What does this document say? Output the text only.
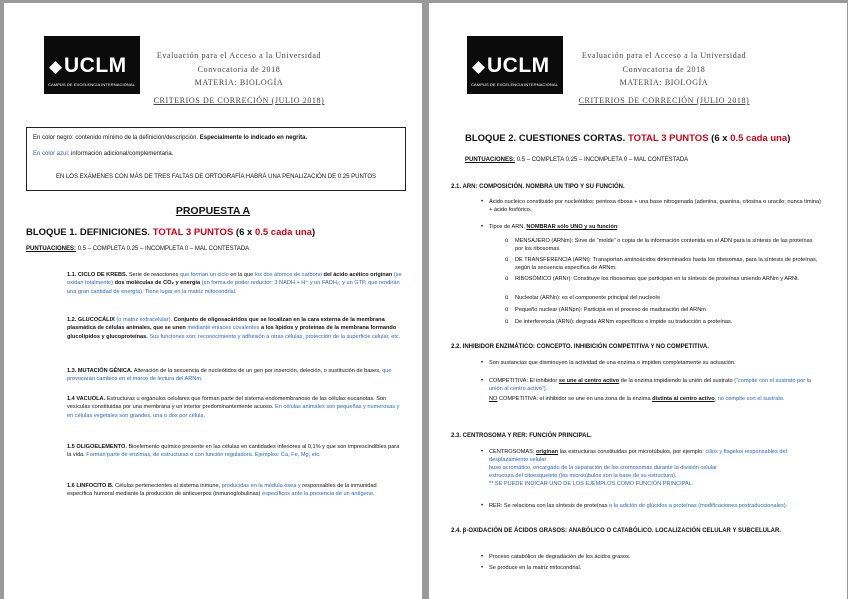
◆ UCLM
CAMPUS DE EXCELENCIA INTERNACIONAL
Evaluación para el Acceso a la Universidad
Convocatoria de 2018
MATERIA: BIOLOGÍA
CRITERIOS DE CORRECIÓN (JULIO 2018)
En color negro: contenido mínimo de la definición/descripción. Especialmente lo indicado en negrita.
En color azul: información adicional/complementaria.
EN LOS EXÁMENES CON MÁS DE TRES FALTAS DE ORTOGRAFÍA HABRÁ UNA PENALIZACIÓN DE 0.25 PUNTOS
PROPUESTA A
BLOQUE 1. DEFINICIONES. TOTAL 3 PUNTOS (6 x 0.5 cada una)
PUNTUACIONES: 0.5 – COMPLETA 0.25 – INCOMPLETA 0 – MAL CONTESTADA
1.1. CICLO DE KREBS. Serie de reacciones que forman un ciclo en la que los dos átomos de carbono del ácido acético originan (se oxidan totalmente) dos moléculas de CO₂ y energía (en forma de poder reductor: 3 NADH + H⁺ y un FADH₂; y un GTP, que rendirán una gran cantidad de energía). Tiene lugar en la matriz mitocondrial.
1.2. GLUCOCÁLIX (o matriz extracelular). Conjunto de oligosacáridos que se localizan en la cara externa de la membrana plasmática de células animales, que se unen mediante enlaces covalentes a los lípidos y proteínas de la membrana formando glucolípidos y glucoproteínas. Sus funciones son: reconocimiento y adhesión a otras células, protección de la superficie celular, etc.
1.3. MUTACIÓN GÉNICA. Alteración de la secuencia de nucleótidos de un gen por inserción, deleción, o sustitución de bases, que provocarán cambios en el marco de lectura del ARNm.
1.4 VACUOLA. Estructuras u orgánulos celulares que forman parte del sistema endomembranoso de las células eucariotas. Son vesículas constituidas por una membrana y un interior predominantemente acuoso. En células animales son pequeñas y numerosas y en células vegetales son grandes, una o dos por célula.
1.5 OLIGOELEMENTO. Bioelemento químico presente en las células en cantidades inferiores al 0,1% y que son imprescindibles para la vida. Forman parte de enzimas, de estructuras o con función reguladora. Ejemplos: Ca, Fe, Mg, etc.
1.6 LINFOCITO B. Células pertenecientes al sistema inmune, producidas en la médula ósea y responsables de la inmunidad específica humoral mediante la producción de anticuerpos (inmunoglobulinas) específicos ante la presencia de un antígeno.
◆ UCLM
CAMPUS DE EXCELENCIA INTERNACIONAL
Evaluación para el Acceso a la Universidad
Convocatoria de 2018
MATERIA: BIOLOGÍA
CRITERIOS DE CORRECIÓN (JULIO 2018)
BLOQUE 2. CUESTIONES CORTAS. TOTAL 3 PUNTOS (6 x 0.5 cada una)
PUNTUACIONES: 0.5 – COMPLETA 0.25 – INCOMPLETA 0 – MAL CONTESTADA
2.1. ARN: COMPOSICIÓN. NOMBRA UN TIPO Y SU FUNCIÓN.
• Ácido nucleico constituido por nucleótidos: pentosa ribosa + una base nitrogenada (adenina, guanina, citosina o uracilo; nunca timina) + ácido fosfórico.
• Tipos de ARN, NOMBRAR sólo UNO y su función:
o MENSAJERO (ARNm): Sirve de “molde” o copia de la información contenida en el ADN para la síntesis de las proteínas por los ribosomas.
o DE TRANSFERENCIA (ARNt): Transportan aminoácidos determinados hasta los ribosomas, para la síntesis de proteínas, según la secuencia específica de ARNm.
o RIBOSÓMICO (ARNr): Constituye los ribosomas que participan en la síntesis de proteínas uniendo ARNm y ARNt.
o Nucleolar (ARNn): es el componente principal del nucleolo
o Pequeño nuclear (ARNpn): Participa en el proceso de maduración del ARNm
o De interferencia (ARNi): degrada ARNm específicos e impide su traducción a proteínas.
2.2. INHIBIDOR ENZIMÁTICO: CONCEPTO. INHIBICIÓN COMPETITIVA Y NO COMPETITIVA.
• Son sustancias que disminuyen la actividad de una enzima o impiden completamente su actuación.
• COMPETITIVA: El inhibidor se une al centro activo de la enzima impidiendo la unión del sustrato (“compite con el sustrato por la unión al centro activo”).
NO COMPETITIVA: el inhibidor se une en una zona de la enzima distinta al centro activo, no compite con el sustrato.
2.3. CENTROSOMA Y RER: FUNCIÓN PRINCIPAL.
• CENTROSOMAS: originan las estructuras constituidas por microtúbulos, por ejemplo: cilios y flagelos responsables del desplazamiento celular
huso acromático, encargado de la separación de los cromosomas durante la división celular
estructura del citoesqueleto (los microtúbulos son la base de su estructura).
** SE PUEDE INDICAR UNO DE LOS EJEMPLOS COMO FUNCIÓN PRINCIPAL.
• RER: Se relaciona con las síntesis de proteínas o la adición de glúcidos a proteínas (modificaciones postraduccionales).
2.4. β-OXIDACIÓN DE ÁCIDOS GRASOS: ANABÓLICO O CATABÓLICO. LOCALIZACIÓN CELULAR Y SUBCELULAR.
• Proceso catabólico de degradación de los ácidos grasos.
• Se produce en la matriz mitocondrial.
